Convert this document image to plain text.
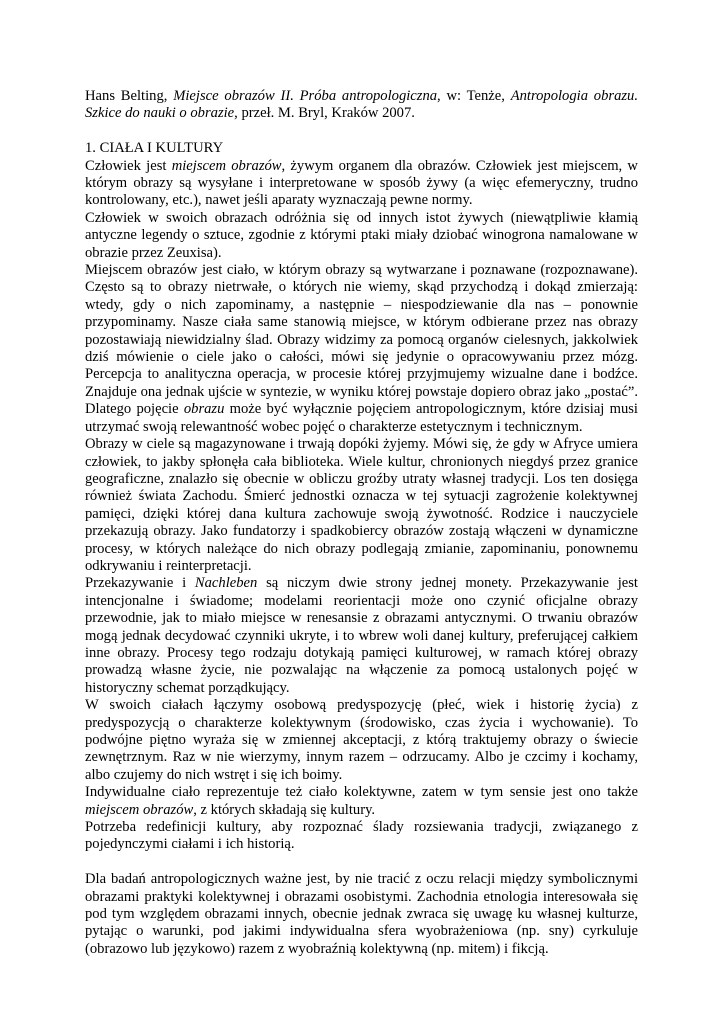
Hans Belting, Miejsce obrazów II. Próba antropologiczna, w: Tenże, Antropologia obrazu. Szkice do nauki o obrazie, przeł. M. Bryl, Kraków 2007.

1. CIAŁA I KULTURY

Człowiek jest miejscem obrazów, żywym organem dla obrazów. Człowiek jest miejscem, w którym obrazy są wysyłane i interpretowane w sposób żywy (a więc efemeryczny, trudno kontrolowany, etc.), nawet jeśli aparaty wyznaczają pewne normy.

Człowiek w swoich obrazach odróżnia się od innych istot żywych (niewątpliwie kłamią antyczne legendy o sztuce, zgodnie z którymi ptaki miały dziobać winogrona namalowane w obrazie przez Zeuxisa).

Miejscem obrazów jest ciało, w którym obrazy są wytwarzane i poznawane (rozpoznawane). Często są to obrazy nietrwałe, o których nie wiemy, skąd przychodzą i dokąd zmierzają: wtedy, gdy o nich zapominamy, a następnie – niespodziewanie dla nas – ponownie przypominamy. Nasze ciała same stanowią miejsce, w którym odbierane przez nas obrazy pozostawiają niewidzialny ślad. Obrazy widzimy za pomocą organów cielesnych, jakkolwiek dziś mówienie o ciele jako o całości, mówi się jedynie o opracowywaniu przez mózg. Percepcja to analityczna operacja, w procesie której przyjmujemy wizualne dane i bodźce. Znajduje ona jednak ujście w syntezie, w wyniku której powstaje dopiero obraz jako „postać”. Dlatego pojęcie obrazu może być wyłącznie pojęciem antropologicznym, które dzisiaj musi utrzymać swoją relewantność wobec pojęć o charakterze estetycznym i technicznym.

Obrazy w ciele są magazynowane i trwają dopóki żyjemy. Mówi się, że gdy w Afryce umiera człowiek, to jakby spłonęła cała biblioteka. Wiele kultur, chronionych niegdyś przez granice geograficzne, znalazło się obecnie w obliczu groźby utraty własnej tradycji. Los ten dosięga również świata Zachodu. Śmierć jednostki oznacza w tej sytuacji zagrożenie kolektywnej pamięci, dzięki której dana kultura zachowuje swoją żywotność. Rodzice i nauczyciele przekazują obrazy. Jako fundatorzy i spadkobiercy obrazów zostają włączeni w dynamiczne procesy, w których należące do nich obrazy podlegają zmianie, zapominaniu, ponownemu odkrywaniu i reinterpretacji.

Przekazywanie i Nachleben są niczym dwie strony jednej monety. Przekazywanie jest intencjonalne i świadome; modelami reorientacji może ono czynić oficjalne obrazy przewodnie, jak to miało miejsce w renesansie z obrazami antycznymi. O trwaniu obrazów mogą jednak decydować czynniki ukryte, i to wbrew woli danej kultury, preferującej całkiem inne obrazy. Procesy tego rodzaju dotykają pamięci kulturowej, w ramach której obrazy prowadzą własne życie, nie pozwalając na włączenie za pomocą ustalonych pojęć w historyczny schemat porządkujący.

W swoich ciałach łączymy osobową predyspozycję (płeć, wiek i historię życia) z predyspozycją o charakterze kolektywnym (środowisko, czas życia i wychowanie). To podwójne piętno wyraża się w zmiennej akceptacji, z którą traktujemy obrazy o świecie zewnętrznym. Raz w nie wierzymy, innym razem – odrzucamy. Albo je czcimy i kochamy, albo czujemy do nich wstręt i się ich boimy.

Indywidualne ciało reprezentuje też ciało kolektywne, zatem w tym sensie jest ono także miejscem obrazów, z których składają się kultury.

Potrzeba redefinicji kultury, aby rozpoznać ślady rozsiewania tradycji, związanego z pojedynczymi ciałami i ich historią.

Dla badań antropologicznych ważne jest, by nie tracić z oczu relacji między symbolicznymi obrazami praktyki kolektywnej i obrazami osobistymi. Zachodnia etnologia interesowała się pod tym względem obrazami innych, obecnie jednak zwraca się uwagę ku własnej kulturze, pytając o warunki, pod jakimi indywidualna sfera wyobrażeniowa (np. sny) cyrkuluje (obrazowo lub językowo) razem z wyobraźnią kolektywną (np. mitem) i fikcją.
